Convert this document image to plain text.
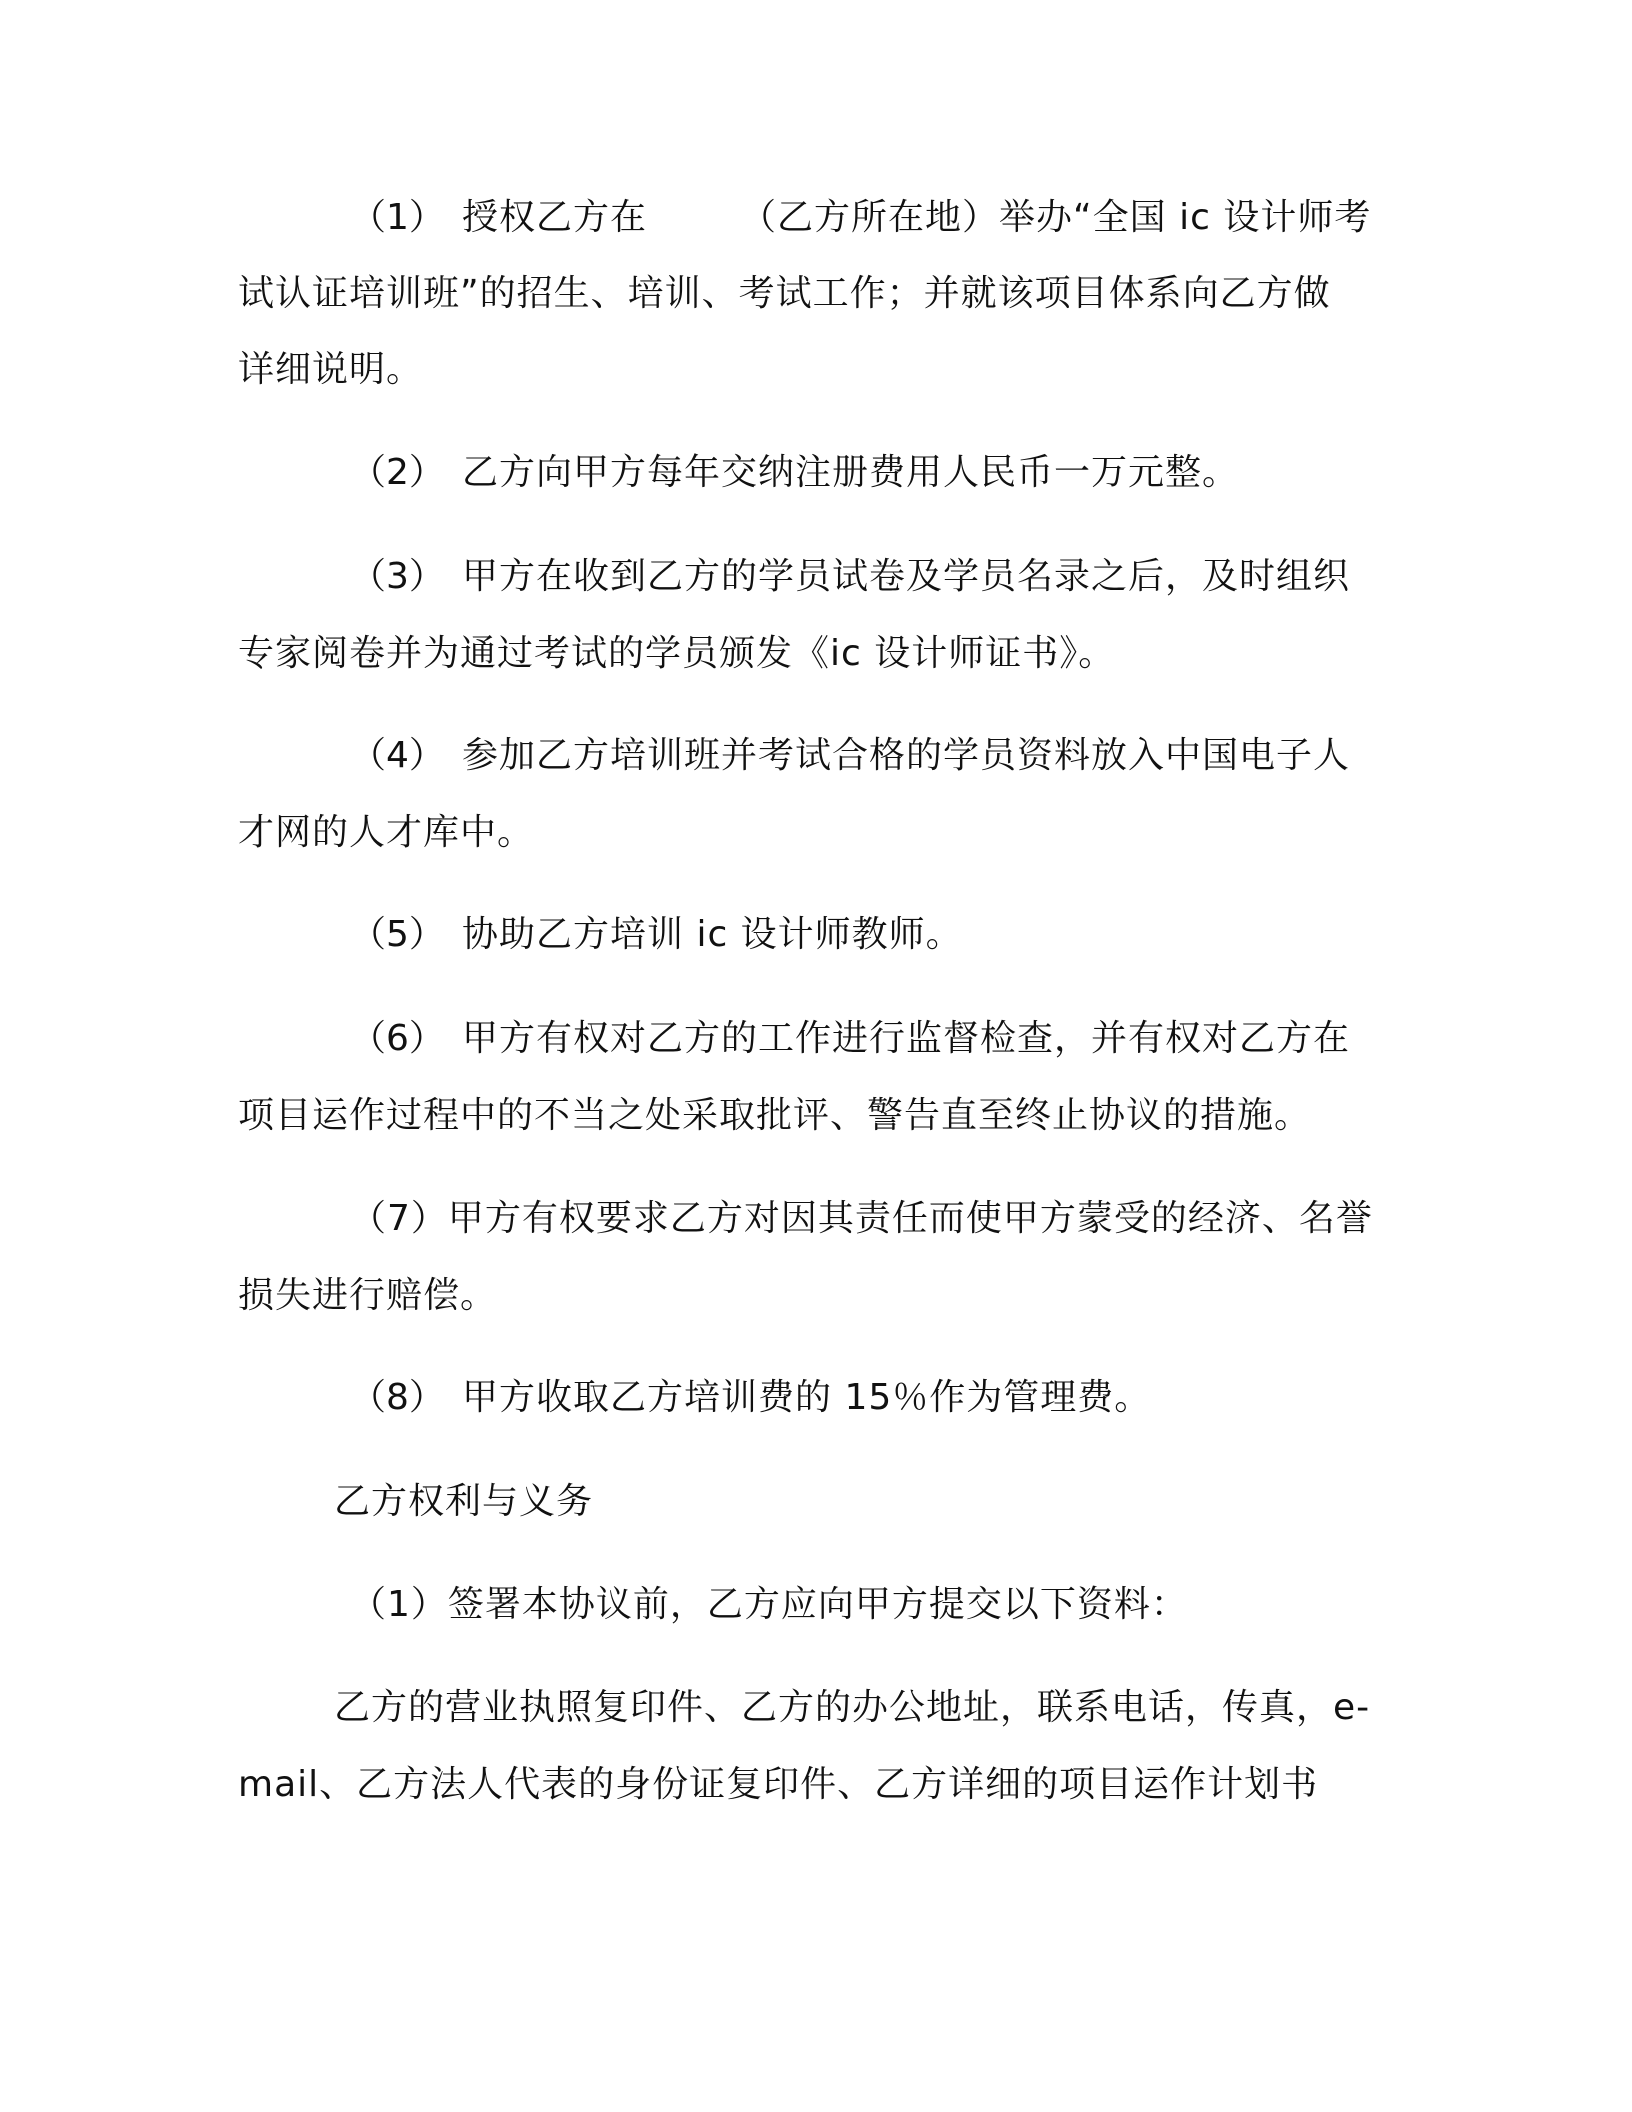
（1） 授权乙方在　　　（乙方所在地）举办“全国 ic 设计师考
试认证培训班”的招生、培训、考试工作；并就该项目体系向乙方做
详细说明。
（2） 乙方向甲方每年交纳注册费用人民币一万元整。
（3） 甲方在收到乙方的学员试卷及学员名录之后，及时组织
专家阅卷并为通过考试的学员颁发《ic 设计师证书》。
（4） 参加乙方培训班并考试合格的学员资料放入中国电子人
才网的人才库中。
（5） 协助乙方培训 ic 设计师教师。
（6） 甲方有权对乙方的工作进行监督检查，并有权对乙方在
项目运作过程中的不当之处采取批评、警告直至终止协议的措施。
（7）甲方有权要求乙方对因其责任而使甲方蒙受的经济、名誉
损失进行赔偿。
（8） 甲方收取乙方培训费的 15％作为管理费。
乙方权利与义务
（1）签署本协议前，乙方应向甲方提交以下资料：
乙方的营业执照复印件、乙方的办公地址，联系电话，传真，e-
mail、乙方法人代表的身份证复印件、乙方详细的项目运作计划书
